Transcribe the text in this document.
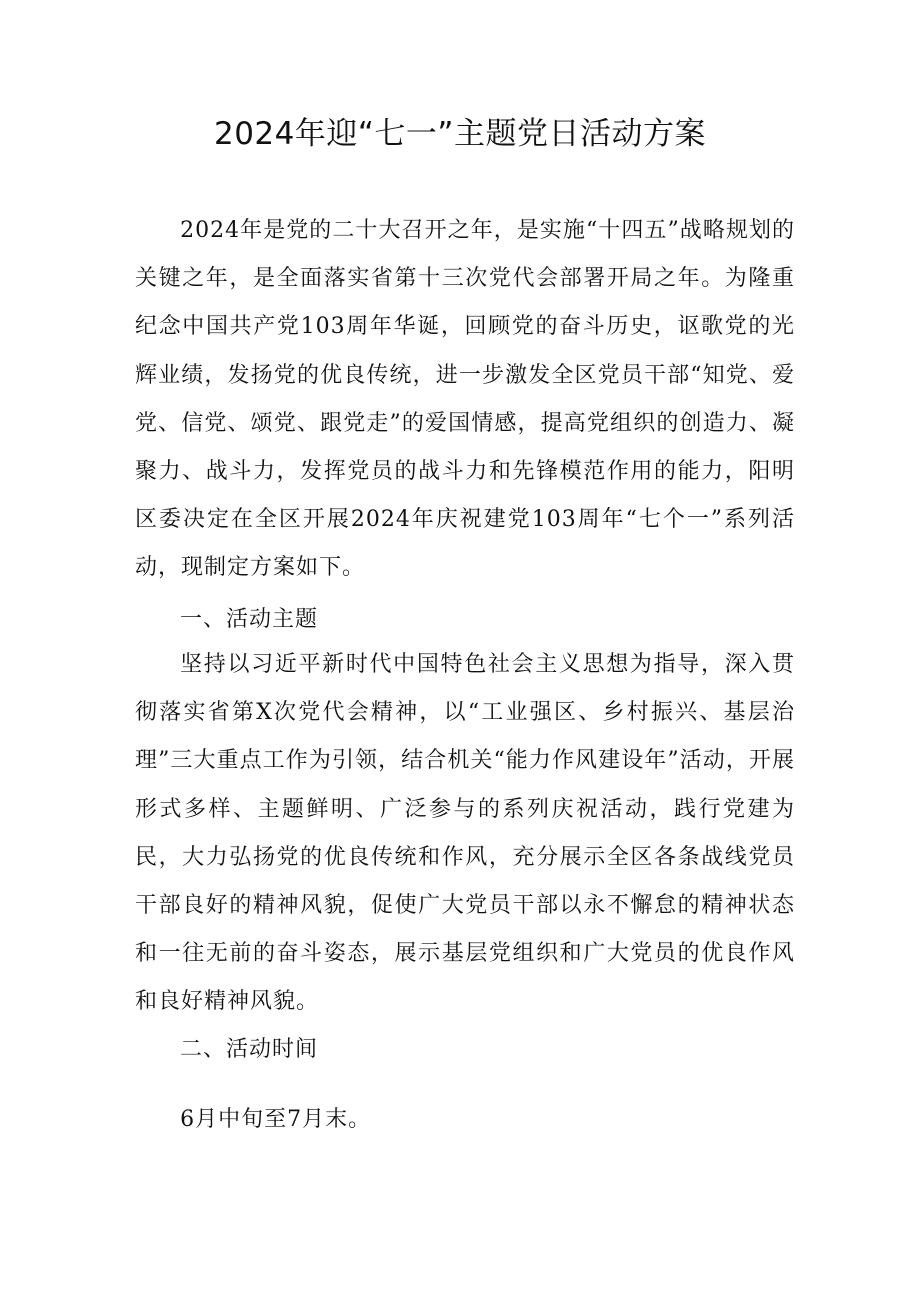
2024年迎“七一”主题党日活动方案

2024年是党的二十大召开之年，是实施“十四五”战略规划的关键之年，是全面落实省第十三次党代会部署开局之年。为隆重纪念中国共产党103周年华诞，回顾党的奋斗历史，讴歌党的光辉业绩，发扬党的优良传统，进一步激发全区党员干部“知党、爱党、信党、颂党、跟党走”的爱国情感，提高党组织的创造力、凝聚力、战斗力，发挥党员的战斗力和先锋模范作用的能力，阳明区委决定在全区开展2024年庆祝建党103周年“七个一”系列活动，现制定方案如下。

一、活动主题

坚持以习近平新时代中国特色社会主义思想为指导，深入贯彻落实省第X次党代会精神，以“工业强区、乡村振兴、基层治理”三大重点工作为引领，结合机关“能力作风建设年”活动，开展形式多样、主题鲜明、广泛参与的系列庆祝活动，践行党建为民，大力弘扬党的优良传统和作风，充分展示全区各条战线党员干部良好的精神风貌，促使广大党员干部以永不懈怠的精神状态和一往无前的奋斗姿态，展示基层党组织和广大党员的优良作风和良好精神风貌。

二、活动时间

6月中旬至7月末。
